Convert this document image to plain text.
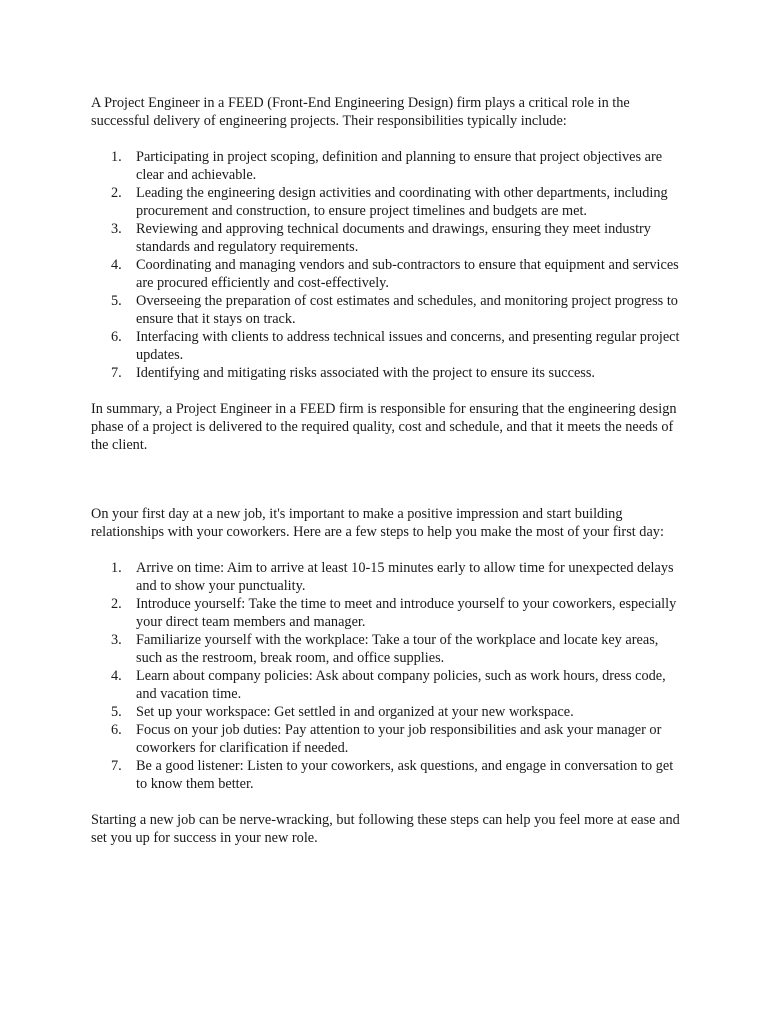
A Project Engineer in a FEED (Front-End Engineering Design) firm plays a critical role in the successful delivery of engineering projects. Their responsibilities typically include:

1. Participating in project scoping, definition and planning to ensure that project objectives are clear and achievable.
2. Leading the engineering design activities and coordinating with other departments, including procurement and construction, to ensure project timelines and budgets are met.
3. Reviewing and approving technical documents and drawings, ensuring they meet industry standards and regulatory requirements.
4. Coordinating and managing vendors and sub-contractors to ensure that equipment and services are procured efficiently and cost-effectively.
5. Overseeing the preparation of cost estimates and schedules, and monitoring project progress to ensure that it stays on track.
6. Interfacing with clients to address technical issues and concerns, and presenting regular project updates.
7. Identifying and mitigating risks associated with the project to ensure its success.

In summary, a Project Engineer in a FEED firm is responsible for ensuring that the engineering design phase of a project is delivered to the required quality, cost and schedule, and that it meets the needs of the client.

On your first day at a new job, it's important to make a positive impression and start building relationships with your coworkers. Here are a few steps to help you make the most of your first day:

1. Arrive on time: Aim to arrive at least 10-15 minutes early to allow time for unexpected delays and to show your punctuality.
2. Introduce yourself: Take the time to meet and introduce yourself to your coworkers, especially your direct team members and manager.
3. Familiarize yourself with the workplace: Take a tour of the workplace and locate key areas, such as the restroom, break room, and office supplies.
4. Learn about company policies: Ask about company policies, such as work hours, dress code, and vacation time.
5. Set up your workspace: Get settled in and organized at your new workspace.
6. Focus on your job duties: Pay attention to your job responsibilities and ask your manager or coworkers for clarification if needed.
7. Be a good listener: Listen to your coworkers, ask questions, and engage in conversation to get to know them better.

Starting a new job can be nerve-wracking, but following these steps can help you feel more at ease and set you up for success in your new role.
